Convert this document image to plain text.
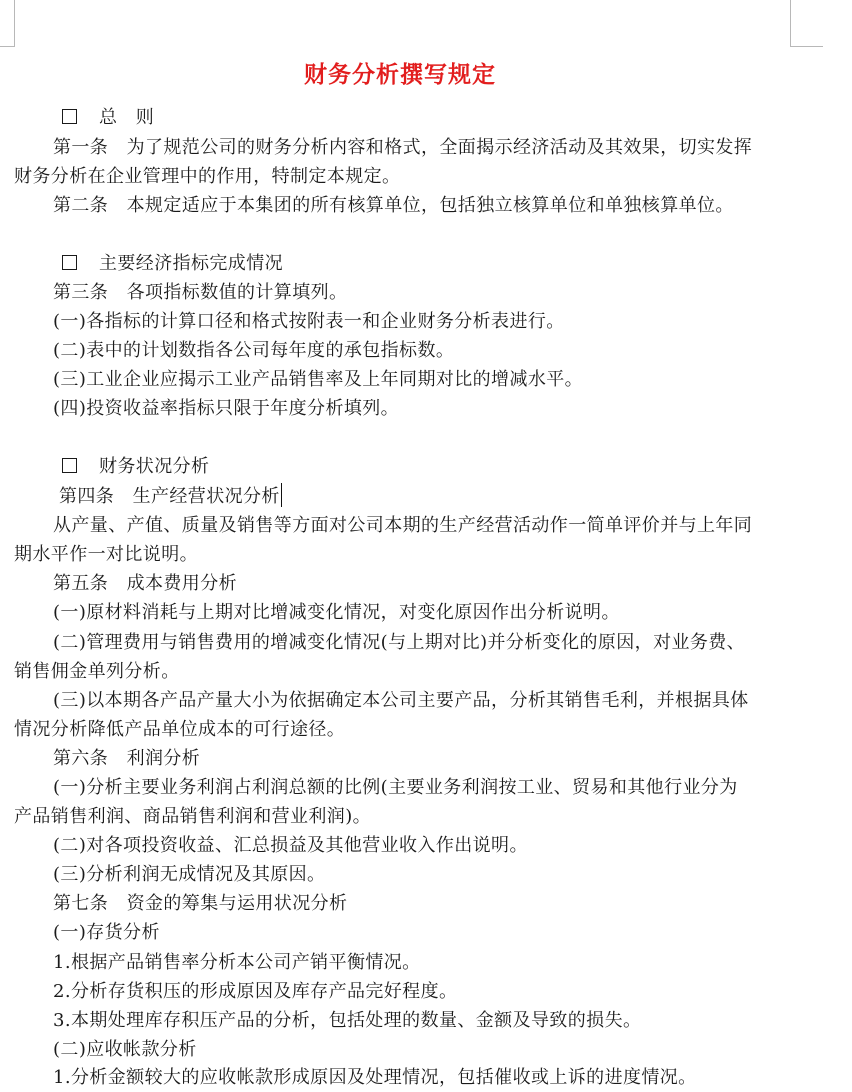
财务分析撰写规定
总　则
第一条　为了规范公司的财务分析内容和格式，全面揭示经济活动及其效果，切实发挥
财务分析在企业管理中的作用，特制定本规定。
第二条　本规定适应于本集团的所有核算单位，包括独立核算单位和单独核算单位。
主要经济指标完成情况
第三条　各项指标数值的计算填列。
(一)各指标的计算口径和格式按附表一和企业财务分析表进行。
(二)表中的计划数指各公司每年度的承包指标数。
(三)工业企业应揭示工业产品销售率及上年同期对比的增减水平。
(四)投资收益率指标只限于年度分析填列。
财务状况分析
第四条　生产经营状况分析
从产量、产值、质量及销售等方面对公司本期的生产经营活动作一简单评价并与上年同
期水平作一对比说明。
第五条　成本费用分析
(一)原材料消耗与上期对比增减变化情况，对变化原因作出分析说明。
(二)管理费用与销售费用的增减变化情况(与上期对比)并分析变化的原因，对业务费、
销售佣金单列分析。
(三)以本期各产品产量大小为依据确定本公司主要产品，分析其销售毛利，并根据具体
情况分析降低产品单位成本的可行途径。
第六条　利润分析
(一)分析主要业务利润占利润总额的比例(主要业务利润按工业、贸易和其他行业分为
产品销售利润、商品销售利润和营业利润)。
(二)对各项投资收益、汇总损益及其他营业收入作出说明。
(三)分析利润无成情况及其原因。
第七条　资金的筹集与运用状况分析
(一)存货分析
1.根据产品销售率分析本公司产销平衡情况。
2.分析存货积压的形成原因及库存产品完好程度。
3.本期处理库存积压产品的分析，包括处理的数量、金额及导致的损失。
(二)应收帐款分析
1.分析金额较大的应收帐款形成原因及处理情况，包括催收或上诉的进度情况。
